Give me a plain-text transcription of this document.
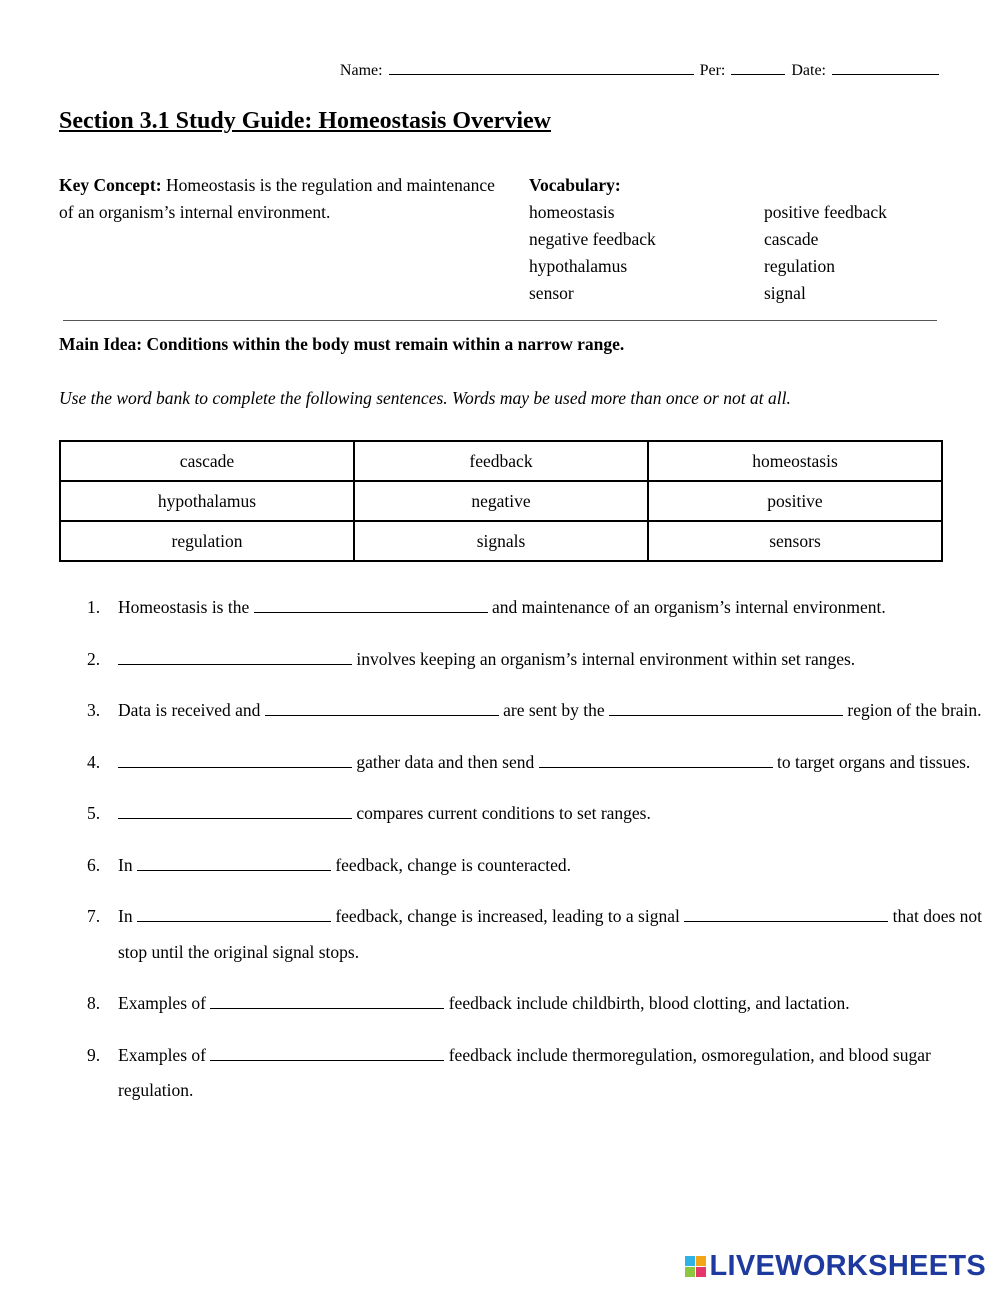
Name:	Per:	Date:
Section 3.1 Study Guide: Homeostasis Overview
Key Concept: Homeostasis is the regulation and maintenance of an organism’s internal environment.
Vocabulary:
homeostasis	positive feedback
negative feedback	cascade
hypothalamus	regulation
sensor	signal
Main Idea: Conditions within the body must remain within a narrow range.
Use the word bank to complete the following sentences. Words may be used more than once or not at all.
cascade	feedback	homeostasis
hypothalamus	negative	positive
regulation	signals	sensors
1. Homeostasis is the	and maintenance of an organism’s internal environment.
2.	involves keeping an organism’s internal environment within set ranges.
3. Data is received and	are sent by the	region of the brain.
4.	gather data and then send	to target organs and tissues.
5.	compares current conditions to set ranges.
6. In	feedback, change is counteracted.
7. In	feedback, change is increased, leading to a signal	that does not stop until the original signal stops.
8. Examples of	feedback include childbirth, blood clotting, and lactation.
9. Examples of	feedback include thermoregulation, osmoregulation, and blood sugar regulation.
LIVEWORKSHEETS
